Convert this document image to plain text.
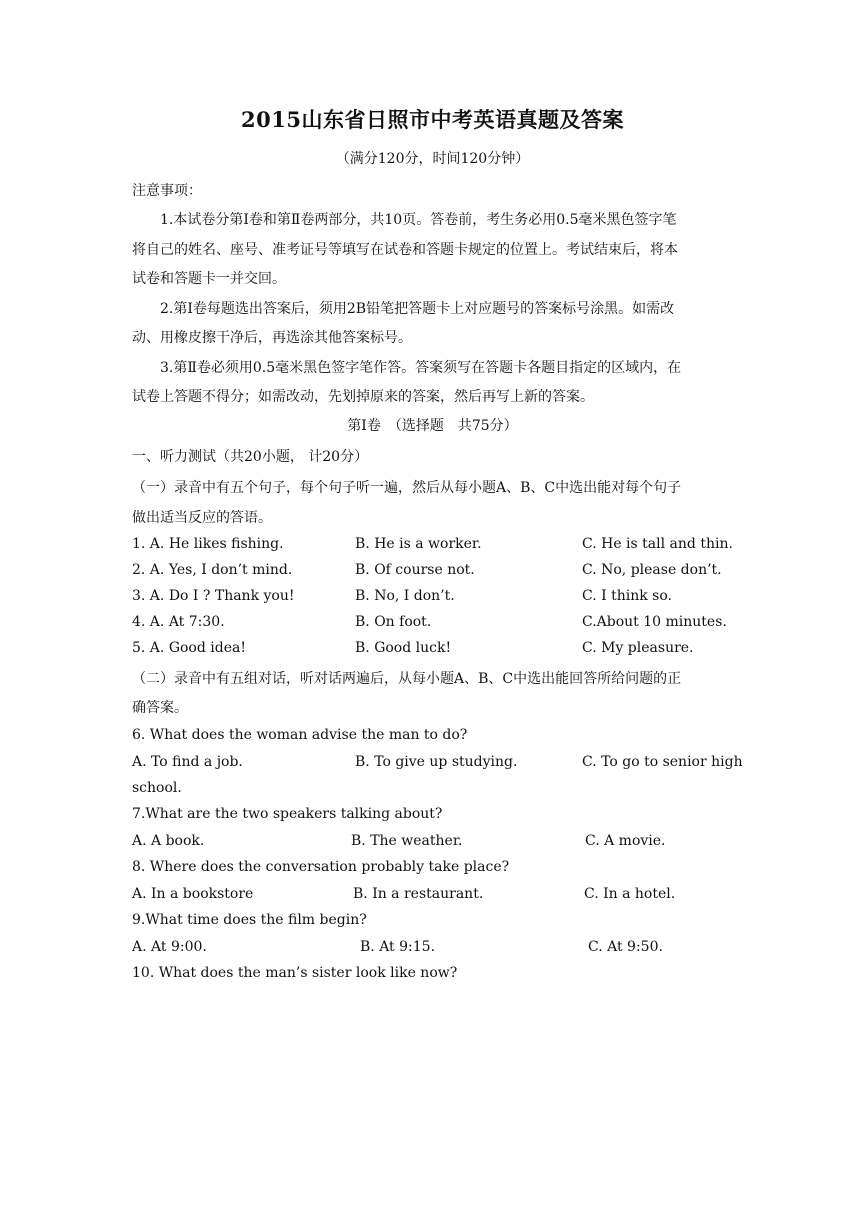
2015山东省日照市中考英语真题及答案
（满分120分，时间120分钟）
注意事项：
1.本试卷分第Ⅰ卷和第Ⅱ卷两部分，共10页。答卷前，考生务必用0.5毫米黑色签字笔
将自己的姓名、座号、准考证号等填写在试卷和答题卡规定的位置上。考试结束后，将本
试卷和答题卡一并交回。
2.第Ⅰ卷每题选出答案后，须用2B铅笔把答题卡上对应题号的答案标号涂黑。如需改
动、用橡皮擦干净后，再选涂其他答案标号。
3.第Ⅱ卷必须用0.5毫米黑色签字笔作答。答案须写在答题卡各题目指定的区域内，在
试卷上答题不得分；如需改动，先划掉原来的答案，然后再写上新的答案。
第Ⅰ卷　（选择题　共75分）
一、听力测试（共20小题， 计20分）
（一）录音中有五个句子，每个句子听一遍，然后从每小题A、B、C中选出能对每个句子
做出适当反应的答语。
1. A. He likes fishing.	B. He is a worker.	C. He is tall and thin.
2. A. Yes, I don’t mind.	B. Of course not.	C. No, please don’t.
3. A. Do I ? Thank you!	B. No, I don’t.	C. I think so.
4. A. At 7:30.	B. On foot.	C.About 10 minutes.
5. A. Good idea!	B. Good luck!	C. My pleasure.
（二）录音中有五组对话，听对话两遍后，从每小题A、B、C中选出能回答所给问题的正
确答案。
6. What does the woman advise the man to do?
A. To find a job.	B. To give up studying.	C. To go to senior high
school.
7.What are the two speakers talking about?
A. A book.	B. The weather.	C. A movie.
8. Where does the conversation probably take place?
A. In a bookstore	B. In a restaurant.	C. In a hotel.
9.What time does the film begin?
A. At 9:00.	B. At 9:15.	C. At 9:50.
10. What does the man’s sister look like now?
